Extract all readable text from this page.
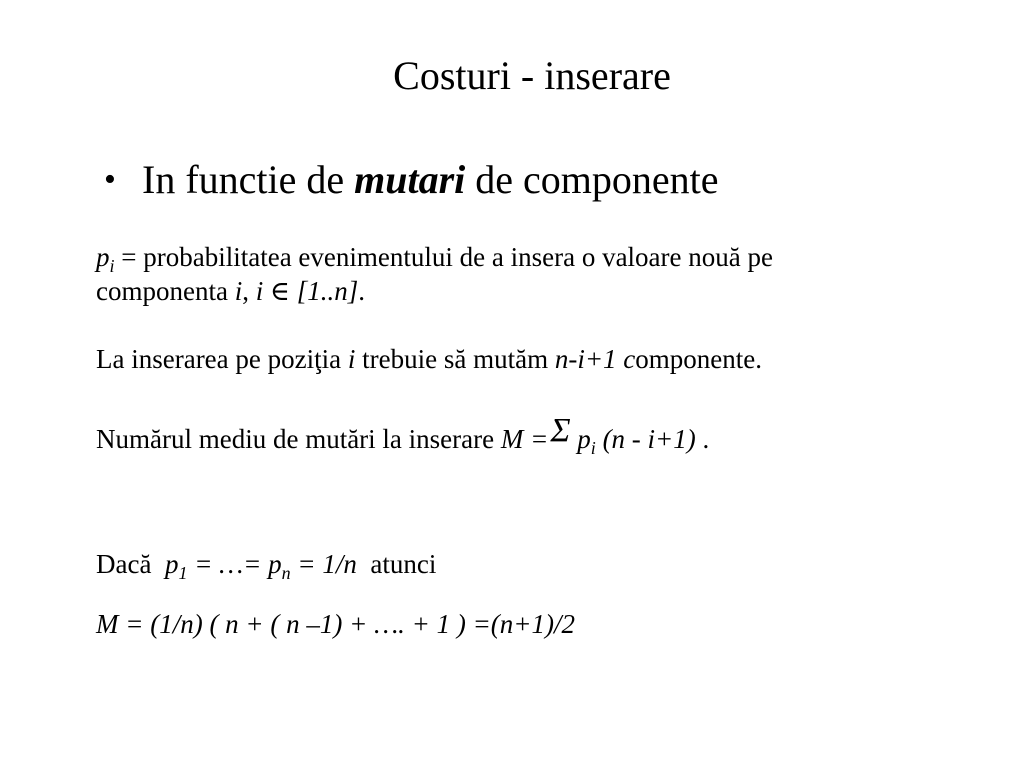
Costuri - inserare
• In functie de mutari de componente
$p_i$ = probabilitatea evenimentului de a insera o valoare nouă pe
componenta i, i ∈ [1..n].
La inserarea pe poziţia i trebuie să mutăm n-i+1 componente.
Numărul mediu de mutări la inserare M =Σ $p_i$ (n - i+1) .
Dacă $p_1$ = …= $p_n = 1/n$ atunci
M = (1/n) ( n + ( n –1) + …. + 1 ) =(n+1)/2
